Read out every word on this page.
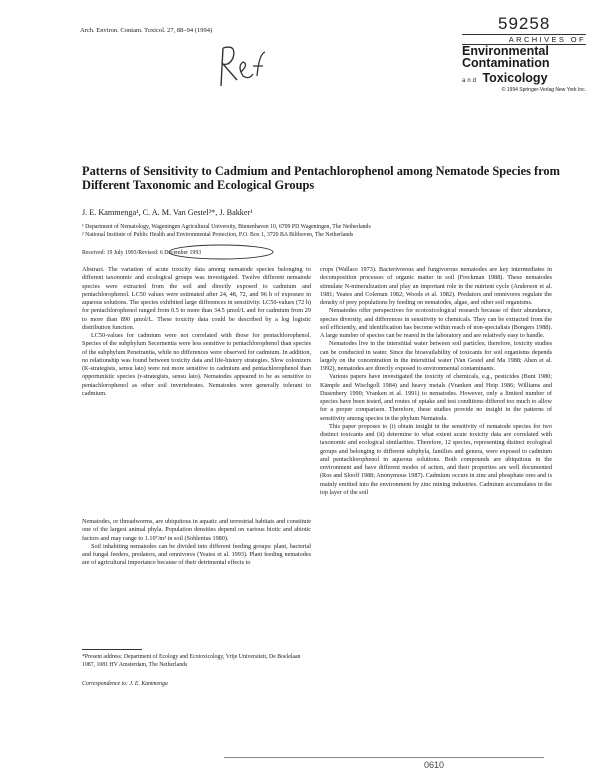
Arch. Environ. Contam. Toxicol. 27, 88–94 (1994)	59258
ARCHIVES OF
Environmental
Contamination
and Toxicology
© 1994 Springer-Verlag New York Inc.
Patterns of Sensitivity to Cadmium and Pentachlorophenol among Nematode Species from Different Taxonomic and Ecological Groups
J. E. Kammenga¹, C. A. M. Van Gestel²*, J. Bakker¹
¹ Department of Nematology, Wageningen Agricultural University, Binnenhaven 10, 6709 PD Wageningen, The Netherlands
² National Institute of Public Health and Environmental Protection, P.O. Box 1, 3720 BA Bilthoven, The Netherlands
Received: 19 July 1993/Revised: 6 December 1993

Abstract. The variation of acute toxicity data among nematode species belonging to different taxonomic and ecological groups was investigated. Twelve different nematode species were extracted from the soil and directly exposed to cadmium and pentachlorophenol. LC50 values were estimated after 24, 48, 72, and 96 h of exposure in aqueous solutions. The species exhibited large differences in sensitivity. LC50-values (72 h) for pentachlorophenol ranged from 0.5 to more than 34.5 µmol/L and for cadmium from 29 to more than 890 µmol/L. These toxicity data could be described by a log logistic distribution function.

LC50-values for cadmium were not correlated with those for pentachlorophenol. Species of the subphylum Secernentia were less sensitive to pentachlorophenol than species of the subphylum Penetrantia, while no differences were observed for cadmium. In addition, no relationship was found between toxicity data and life-history strategies. Slow colonizers (K-strategists, sensu lato) were not more sensitive to cadmium and pentachlorophenol than opportunistic species (r-strategists, sensu lato). Nematodes appeared to be as sensitive to pentachlorophenol as other soil invertebrates. Nematodes were generally tolerant to cadmium.

Nematodes, or threadworms, are ubiquitous in aquatic and terrestrial habitats and constitute one of the largest animal phyla. Population densities depend on various biotic and abiotic factors and may range to 1.10⁷/m² in soil (Sohlenius 1980).

Soil inhabiting nematodes can be divided into different feeding groups: plant, bacterial and fungal feeders, predators, and omnivores (Yeates et al. 1993). Plant feeding nematodes are of agricultural importance because of their detrimental effects to

crops (Wallace 1973). Bacterivorous and fungivorous nematodes are key intermediates in decomposition processes of organic matter in soil (Freckman 1988). These nematodes stimulate N-mineralization and play an important role in the nutrient cycle (Anderson et al. 1981; Yeates and Coleman 1982; Woods et al. 1982). Predators and omnivores regulate the density of prey populations by feeding on nematodes, algae, and other soil organisms.

Nematodes offer perspectives for ecotoxicological research because of their abundance, species diversity, and differences in sensitivity to chemicals. They can be extracted from the soil efficiently, and identification has become within reach of non-specialists (Bongers 1988). A large number of species can be reared in the laboratory and are relatively easy to handle.

Nematodes live in the interstitial water between soil particles; therefore, toxicity studies can be conducted in water. Since the bioavailability of toxicants for soil organisms depends largely on the concentration in the interstitial water (Van Gestel and Ma 1988; Ahen et al. 1992), nematodes are directly exposed to environmental contaminants.

Various papers have investigated the toxicity of chemicals, e.g., pesticides (Bunt 1980; Kämpfe and Wischgoll 1984) and heavy metals (Vranken and Heip 1986; Williams and Dusenbery 1990; Vranken et al. 1991) to nematodes. However, only a limited number of species have been tested, and routes of uptake and test conditions differed too much to allow for a proper comparison. Therefore, these studies provide no insight in the patterns of sensitivity among species in the phylum Nematoda.

This paper proposes to (i) obtain insight in the sensitivity of nematode species for two distinct toxicants and (ii) determine to what extent acute toxicity data are correlated with taxonomic and ecological similarities. Therefore, 12 species, representing distinct ecological groups and belonging to different subphyla, families and genera, were exposed to cadmium and pentachlorophenol in aqueous solutions. Both compounds are ubiquitous in the environment and have different modes of action, and their properties are well documented (Ros and Slooff 1988; Anonymous 1987). Cadmium occurs in zinc and phosphate ores and is mainly emitted into the environment by zinc mining industries. Cadmium accumulates in the top layer of the soil

*Present address: Department of Ecology and Ecotoxicology, Vrije Universiteit, De Boelelaan 1087, 1081 HV Amsterdam, The Netherlands
Correspondence to: J. E. Kammenga
0610
